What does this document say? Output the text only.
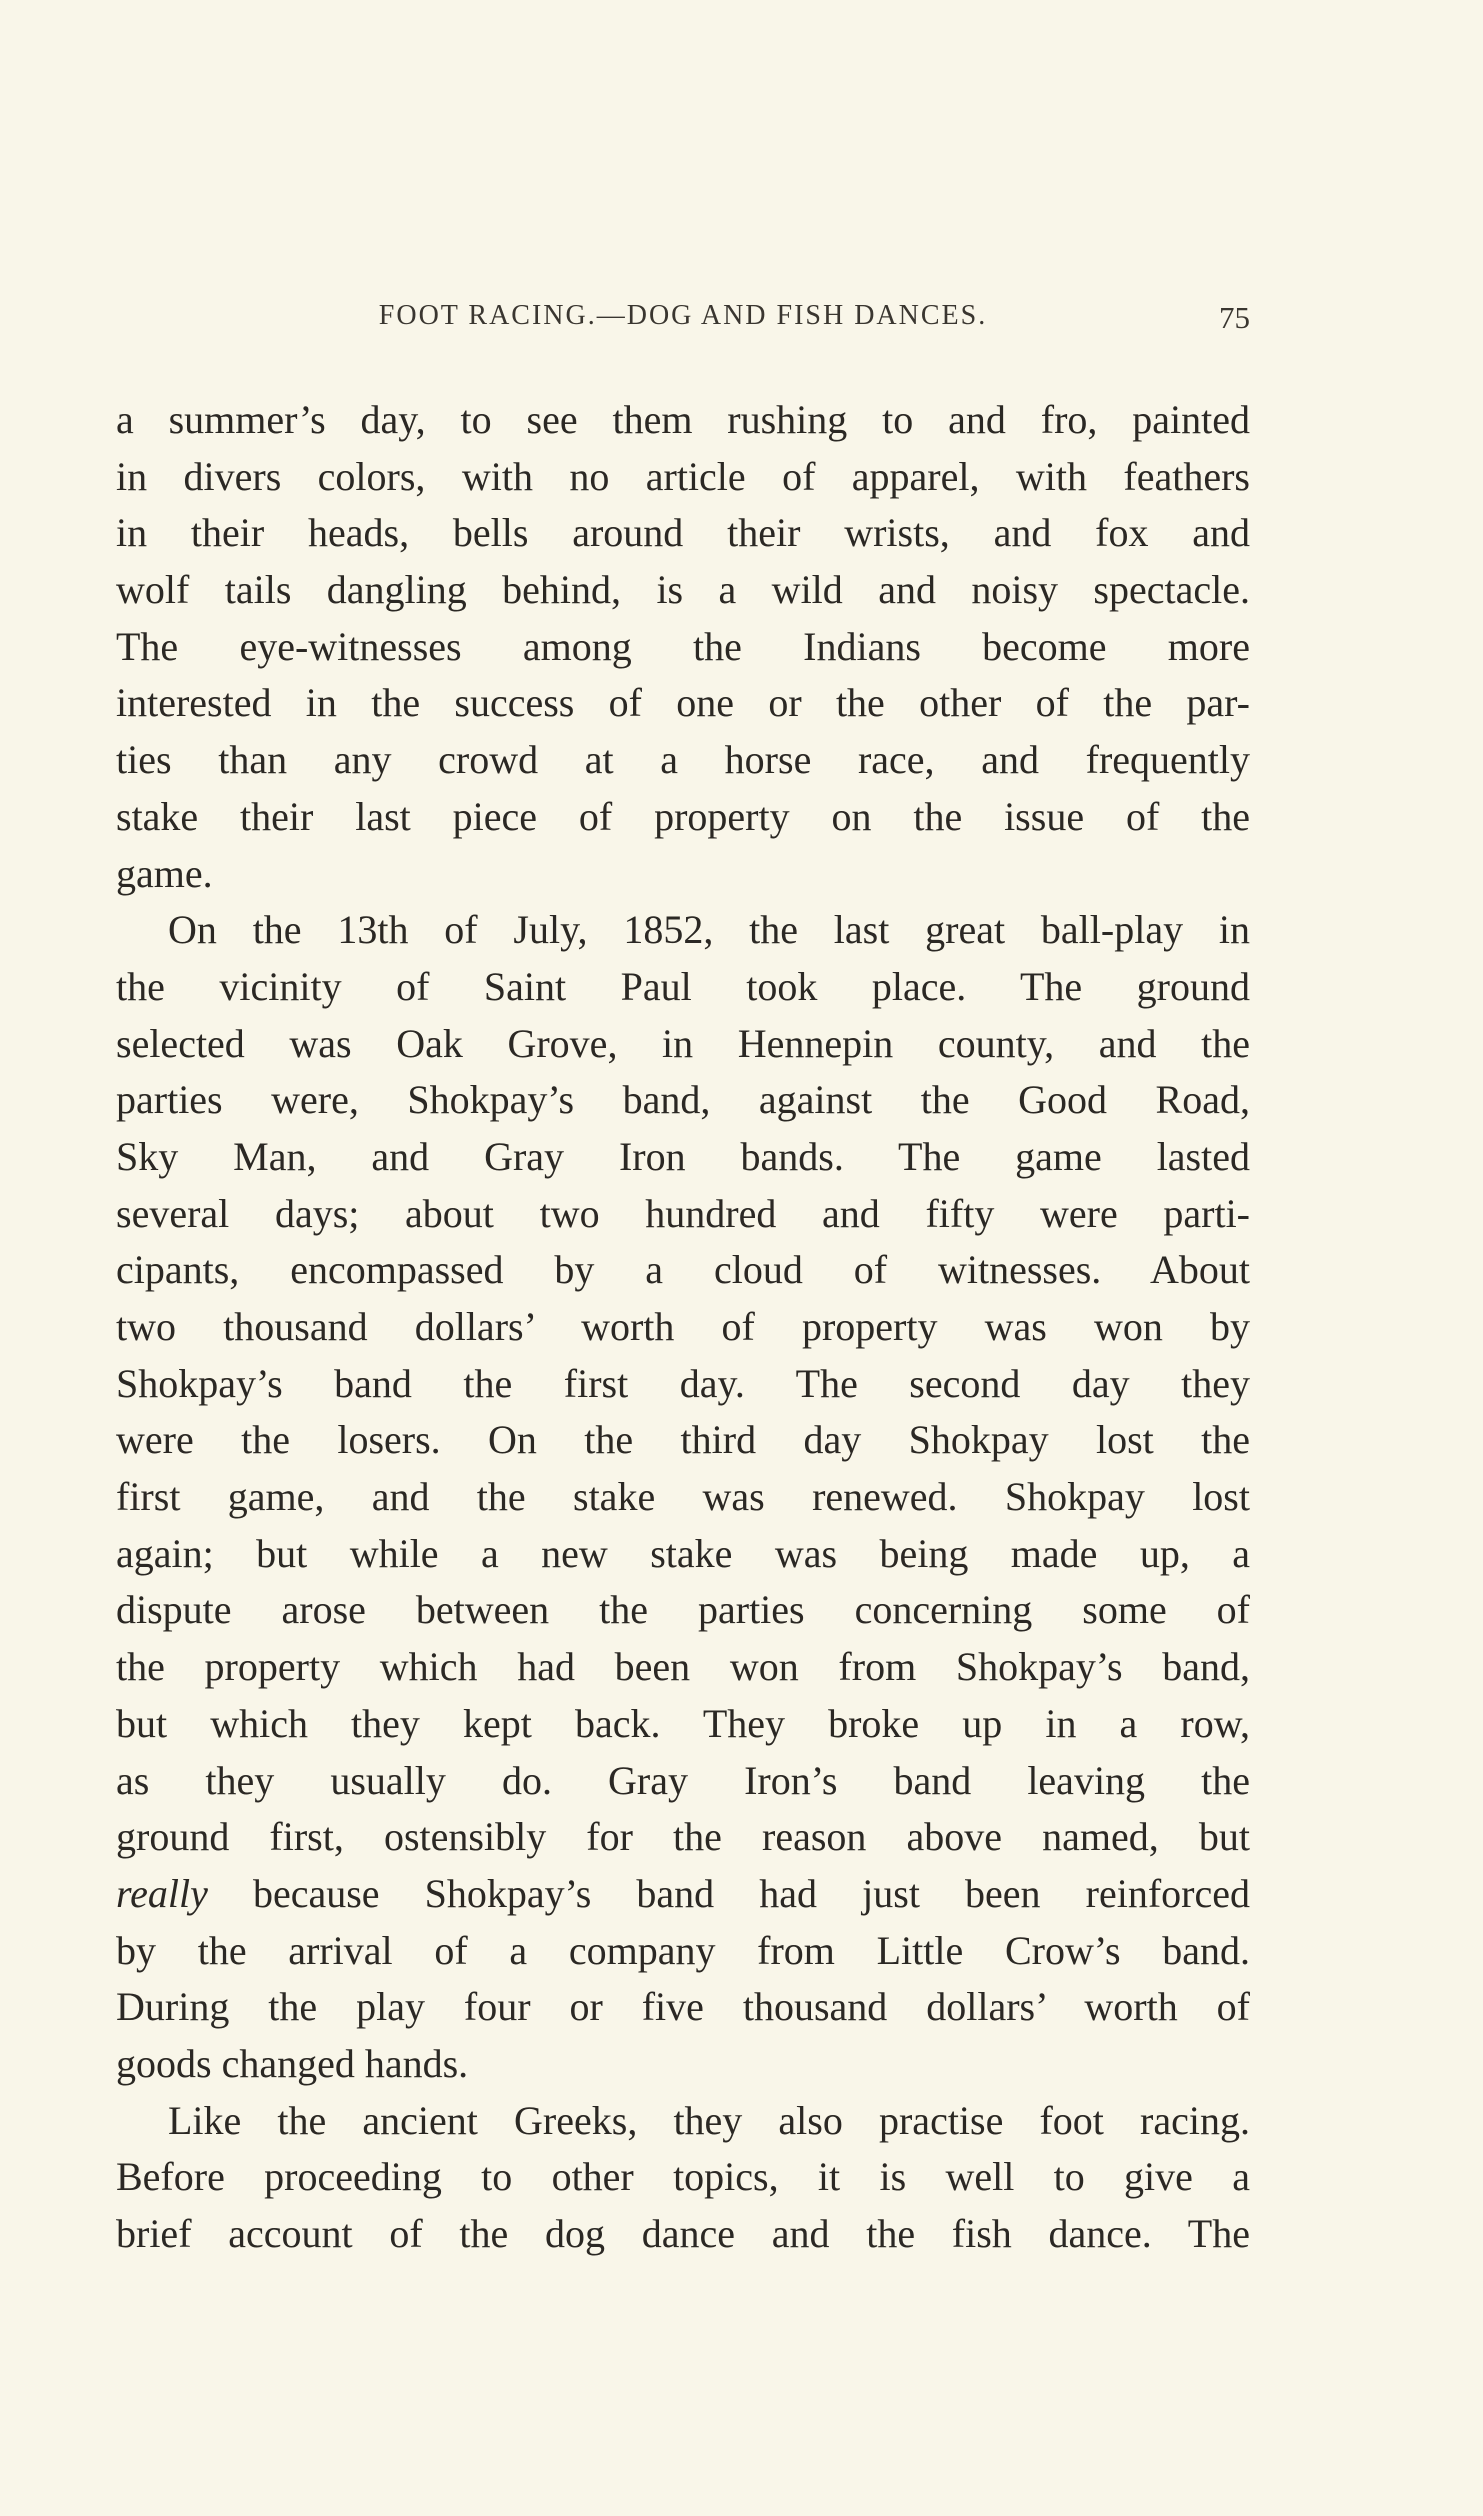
FOOT RACING.—DOG AND FISH DANCES.	75
a summer’s day, to see them rushing to and fro, painted
in divers colors, with no article of apparel, with feathers
in their heads, bells around their wrists, and fox and
wolf tails dangling behind, is a wild and noisy spectacle.
The eye-witnesses among the Indians become more
interested in the success of one or the other of the par-
ties than any crowd at a horse race, and frequently
stake their last piece of property on the issue of the
game.
On the 13th of July, 1852, the last great ball-play in
the vicinity of Saint Paul took place. The ground
selected was Oak Grove, in Hennepin county, and the
parties were, Shokpay’s band, against the Good Road,
Sky Man, and Gray Iron bands. The game lasted
several days; about two hundred and fifty were parti-
cipants, encompassed by a cloud of witnesses. About
two thousand dollars’ worth of property was won by
Shokpay’s band the first day. The second day they
were the losers. On the third day Shokpay lost the
first game, and the stake was renewed. Shokpay lost
again; but while a new stake was being made up, a
dispute arose between the parties concerning some of
the property which had been won from Shokpay’s band,
but which they kept back. They broke up in a row,
as they usually do. Gray Iron’s band leaving the
ground first, ostensibly for the reason above named, but
really because Shokpay’s band had just been reinforced
by the arrival of a company from Little Crow’s band.
During the play four or five thousand dollars’ worth of
goods changed hands.
Like the ancient Greeks, they also practise foot racing.
Before proceeding to other topics, it is well to give a
brief account of the dog dance and the fish dance. The
